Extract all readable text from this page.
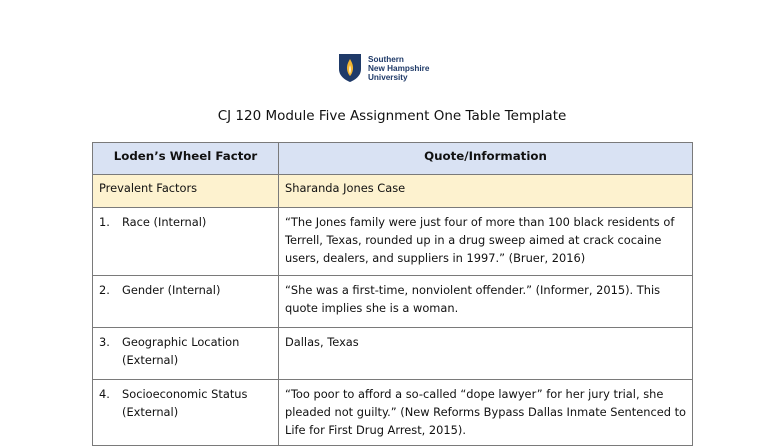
Southern
New Hampshire
University
CJ 120 Module Five Assignment One Table Template
Loden’s Wheel Factor	Quote/Information
Prevalent Factors	Sharanda Jones Case

1. Race (Internal)	“The Jones family were just four of more than 100 black residents of Terrell, Texas, rounded up in a drug sweep aimed at crack cocaine users, dealers, and suppliers in 1997.” (Bruer, 2016)

2. Gender (Internal)	“She was a first-time, nonviolent offender.” (Informer, 2015). This quote implies she is a woman.

3. Geographic Location (External)	Dallas, Texas

4. Socioeconomic Status (External)	“Too poor to afford a so-called “dope lawyer” for her jury trial, she pleaded not guilty.” (New Reforms Bypass Dallas Inmate Sentenced to Life for First Drug Arrest, 2015).
